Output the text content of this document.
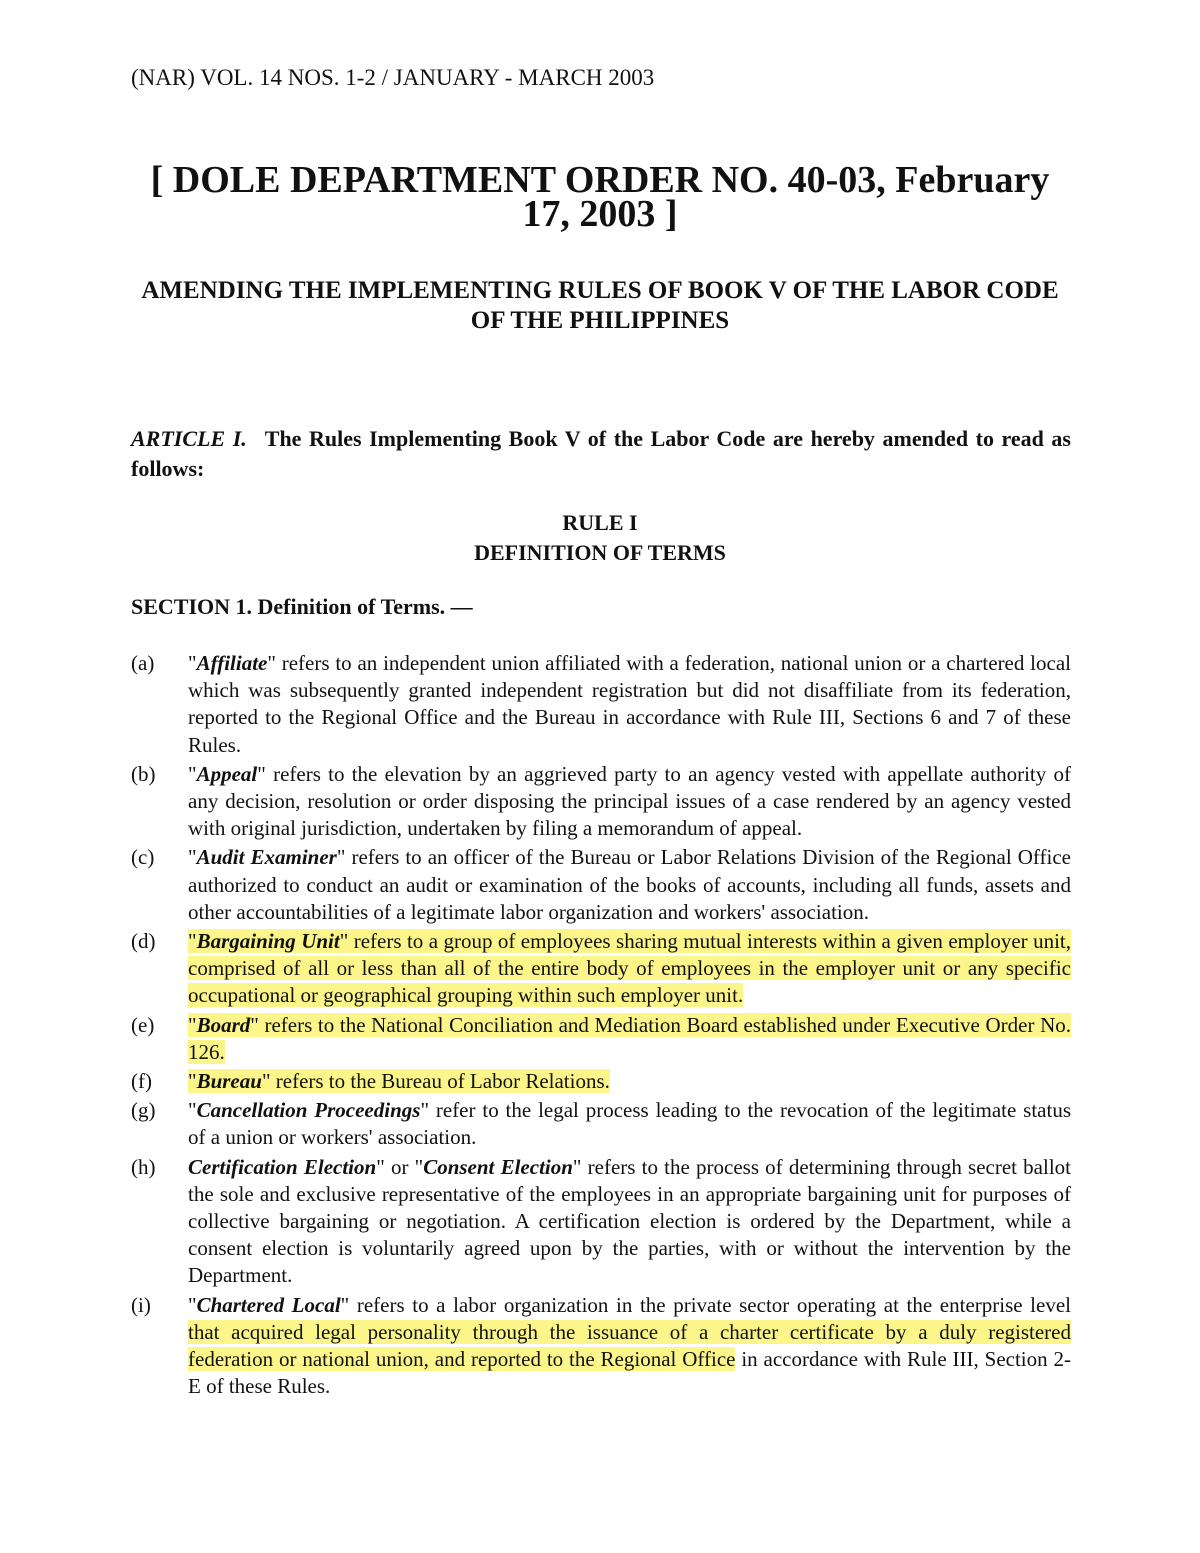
(NAR) VOL. 14 NOS. 1-2 / JANUARY - MARCH 2003
[ DOLE DEPARTMENT ORDER NO. 40-03, February 17, 2003 ]
AMENDING THE IMPLEMENTING RULES OF BOOK V OF THE LABOR CODE OF THE PHILIPPINES
ARTICLE I. The Rules Implementing Book V of the Labor Code are hereby amended to read as follows:
RULE I
DEFINITION OF TERMS
SECTION 1. Definition of Terms. —
(a)	"Affiliate" refers to an independent union affiliated with a federation, national union or a chartered local which was subsequently granted independent registration but did not disaffiliate from its federation, reported to the Regional Office and the Bureau in accordance with Rule III, Sections 6 and 7 of these Rules.
(b)	"Appeal" refers to the elevation by an aggrieved party to an agency vested with appellate authority of any decision, resolution or order disposing the principal issues of a case rendered by an agency vested with original jurisdiction, undertaken by filing a memorandum of appeal.
(c)	"Audit Examiner" refers to an officer of the Bureau or Labor Relations Division of the Regional Office authorized to conduct an audit or examination of the books of accounts, including all funds, assets and other accountabilities of a legitimate labor organization and workers' association.
(d)	"Bargaining Unit" refers to a group of employees sharing mutual interests within a given employer unit, comprised of all or less than all of the entire body of employees in the employer unit or any specific occupational or geographical grouping within such employer unit.
(e)	"Board" refers to the National Conciliation and Mediation Board established under Executive Order No. 126.
(f)	"Bureau" refers to the Bureau of Labor Relations.
(g)	"Cancellation Proceedings" refer to the legal process leading to the revocation of the legitimate status of a union or workers' association.
(h)	Certification Election" or "Consent Election" refers to the process of determining through secret ballot the sole and exclusive representative of the employees in an appropriate bargaining unit for purposes of collective bargaining or negotiation. A certification election is ordered by the Department, while a consent election is voluntarily agreed upon by the parties, with or without the intervention by the Department.
(i)	"Chartered Local" refers to a labor organization in the private sector operating at the enterprise level that acquired legal personality through the issuance of a charter certificate by a duly registered federation or national union, and reported to the Regional Office in accordance with Rule III, Section 2-E of these Rules.
